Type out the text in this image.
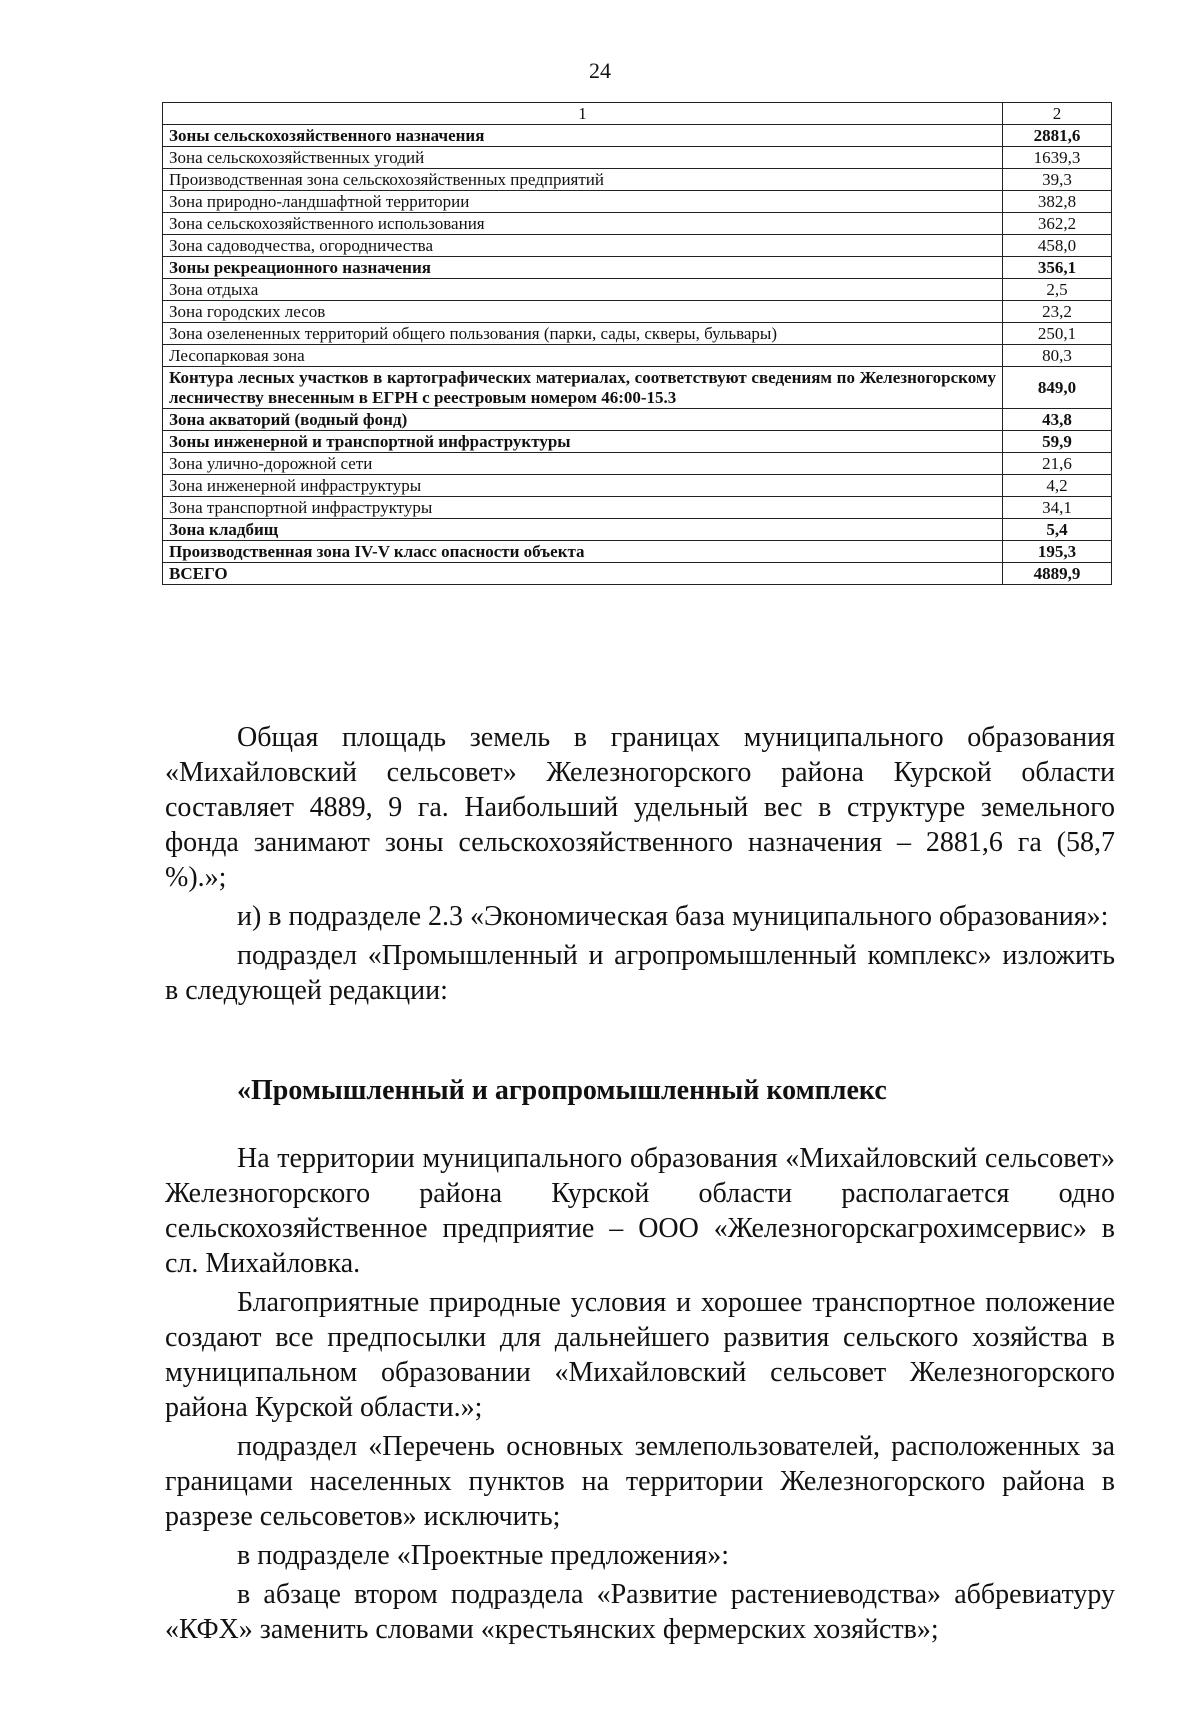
24
1	2
Зоны сельскохозяйственного назначения	2881,6
Зона сельскохозяйственных угодий	1639,3
Производственная зона сельскохозяйственных предприятий	39,3
Зона природно-ландшафтной территории	382,8
Зона сельскохозяйственного использования	362,2
Зона садоводчества, огородничества	458,0
Зоны рекреационного назначения	356,1
Зона отдыха	2,5
Зона городских лесов	23,2
Зона озелененных территорий общего пользования (парки, сады, скверы, бульвары)	250,1
Лесопарковая зона	80,3
Контура лесных участков в картографических материалах, соответствуют сведениям по Железногорскому лесничеству внесенным в ЕГРН с реестровым номером 46:00-15.3	849,0
Зона акваторий (водный фонд)	43,8
Зоны инженерной и транспортной инфраструктуры	59,9
Зона улично-дорожной сети	21,6
Зона инженерной инфраструктуры	4,2
Зона транспортной инфраструктуры	34,1
Зона кладбищ	5,4
Производственная зона IV-V класс опасности объекта	195,3
ВСЕГО	4889,9

Общая площадь земель в границах муниципального образования «Михайловский сельсовет» Железногорского района Курской области составляет 4889, 9 га. Наибольший удельный вес в структуре земельного фонда занимают зоны сельскохозяйственного назначения – 2881,6 га (58,7 %).»;

и) в подразделе 2.3 «Экономическая база муниципального образования»:

подраздел «Промышленный и агропромышленный комплекс» изложить в следующей редакции:

«Промышленный и агропромышленный комплекс

На территории муниципального образования «Михайловский сельсовет» Железногорского района Курской области располагается одно сельскохозяйственное предприятие – ООО «Железногорскагрохимсервис» в сл. Михайловка.

Благоприятные природные условия и хорошее транспортное положение создают все предпосылки для дальнейшего развития сельского хозяйства в муниципальном образовании «Михайловский сельсовет Железногорского района Курской области.»;

подраздел «Перечень основных землепользователей, расположенных за границами населенных пунктов на территории Железногорского района в разрезе сельсоветов» исключить;

в подразделе «Проектные предложения»:

в абзаце втором подраздела «Развитие растениеводства» аббревиатуру «КФХ» заменить словами «крестьянских фермерских хозяйств»;
